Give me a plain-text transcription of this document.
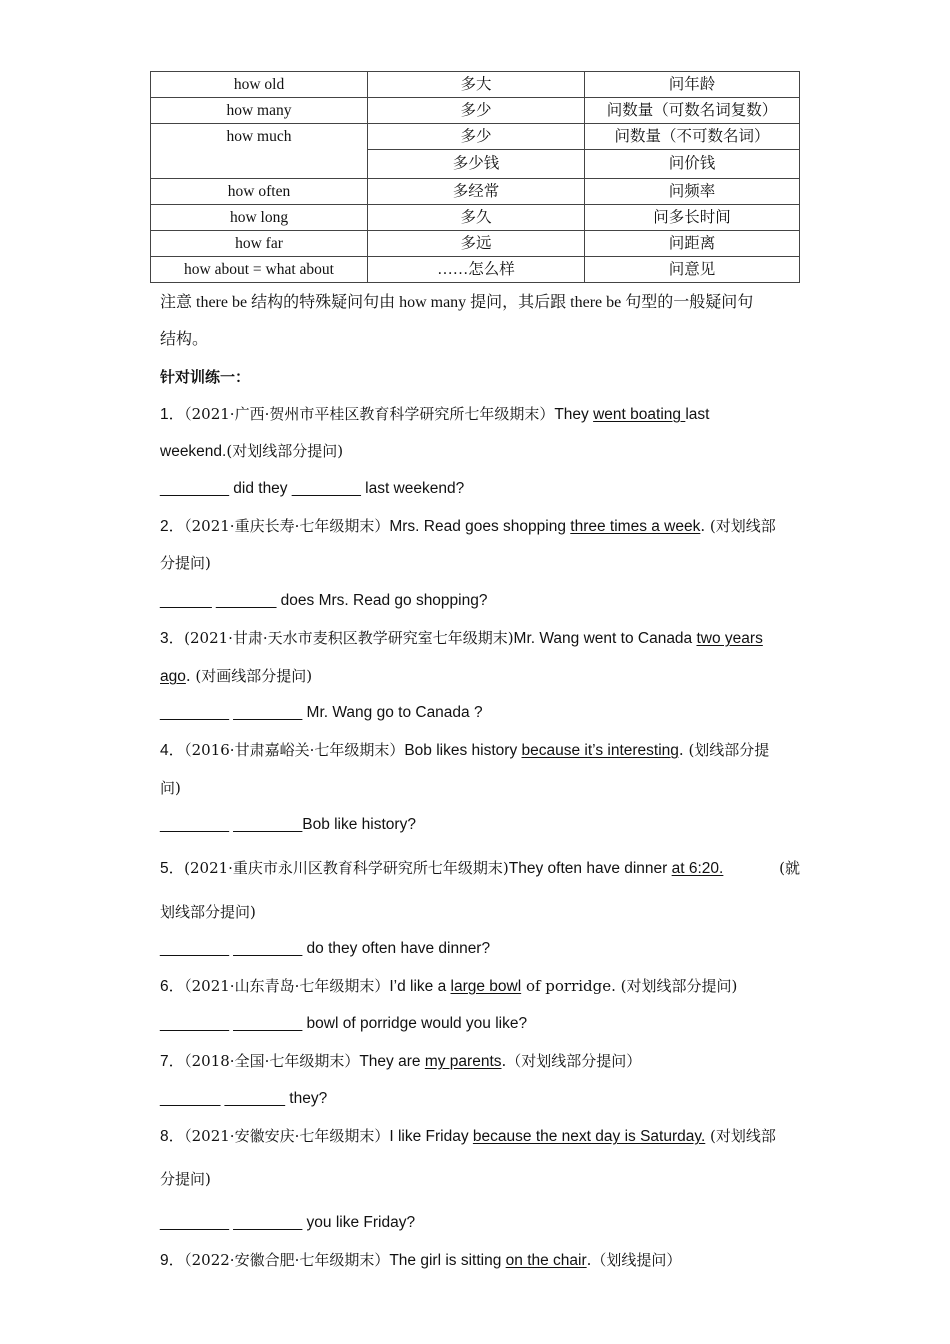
how old	多大	问年龄
how many	多少	问数量（可数名词复数）
how much	多少	问数量（不可数名词）
	多少钱	问价钱
how often	多经常	问频率
how long	多久	问多长时间
how far	多远	问距离
how about = what about	……怎么样	问意见
注意 there be 结构的特殊疑问句由 how many 提问，其后跟 there be 句型的一般疑问句
结构。
针对训练一：
1．（2021·广西·贺州市平桂区教育科学研究所七年级期末）They went boating last
weekend.(对划线部分提问)
________ did they ________ last weekend?
2．（2021·重庆长寿·七年级期末）Mrs. Read goes shopping three times a week. (对划线部
分提问)
______ _______ does Mrs. Read go shopping?
3．(2021·甘肃·天水市麦积区教学研究室七年级期末)Mr. Wang went to Canada two years
ago. (对画线部分提问)
________ ________ Mr. Wang go to Canada ?
4．（2016·甘肃嘉峪关·七年级期末）Bob likes history because it’s interesting. (划线部分提
问)
________ ________Bob like history?
5．(2021·重庆市永川区教育科学研究所七年级期末)They often have dinner at 6:20.	(就
划线部分提问)
________ ________ do they often have dinner?
6．（2021·山东青岛·七年级期末）I’d like a large bowl of porridge. (对划线部分提问)
________ ________ bowl of porridge would you like?
7．（2018·全国·七年级期末）They are my parents.（对划线部分提问）
_______ _______ they?
8．（2021·安徽安庆·七年级期末）I like Friday because the next day is Saturday. (对划线部
分提问)
________ ________ you like Friday?
9．（2022·安徽合肥·七年级期末）The girl is sitting on the chair.（划线提问）
